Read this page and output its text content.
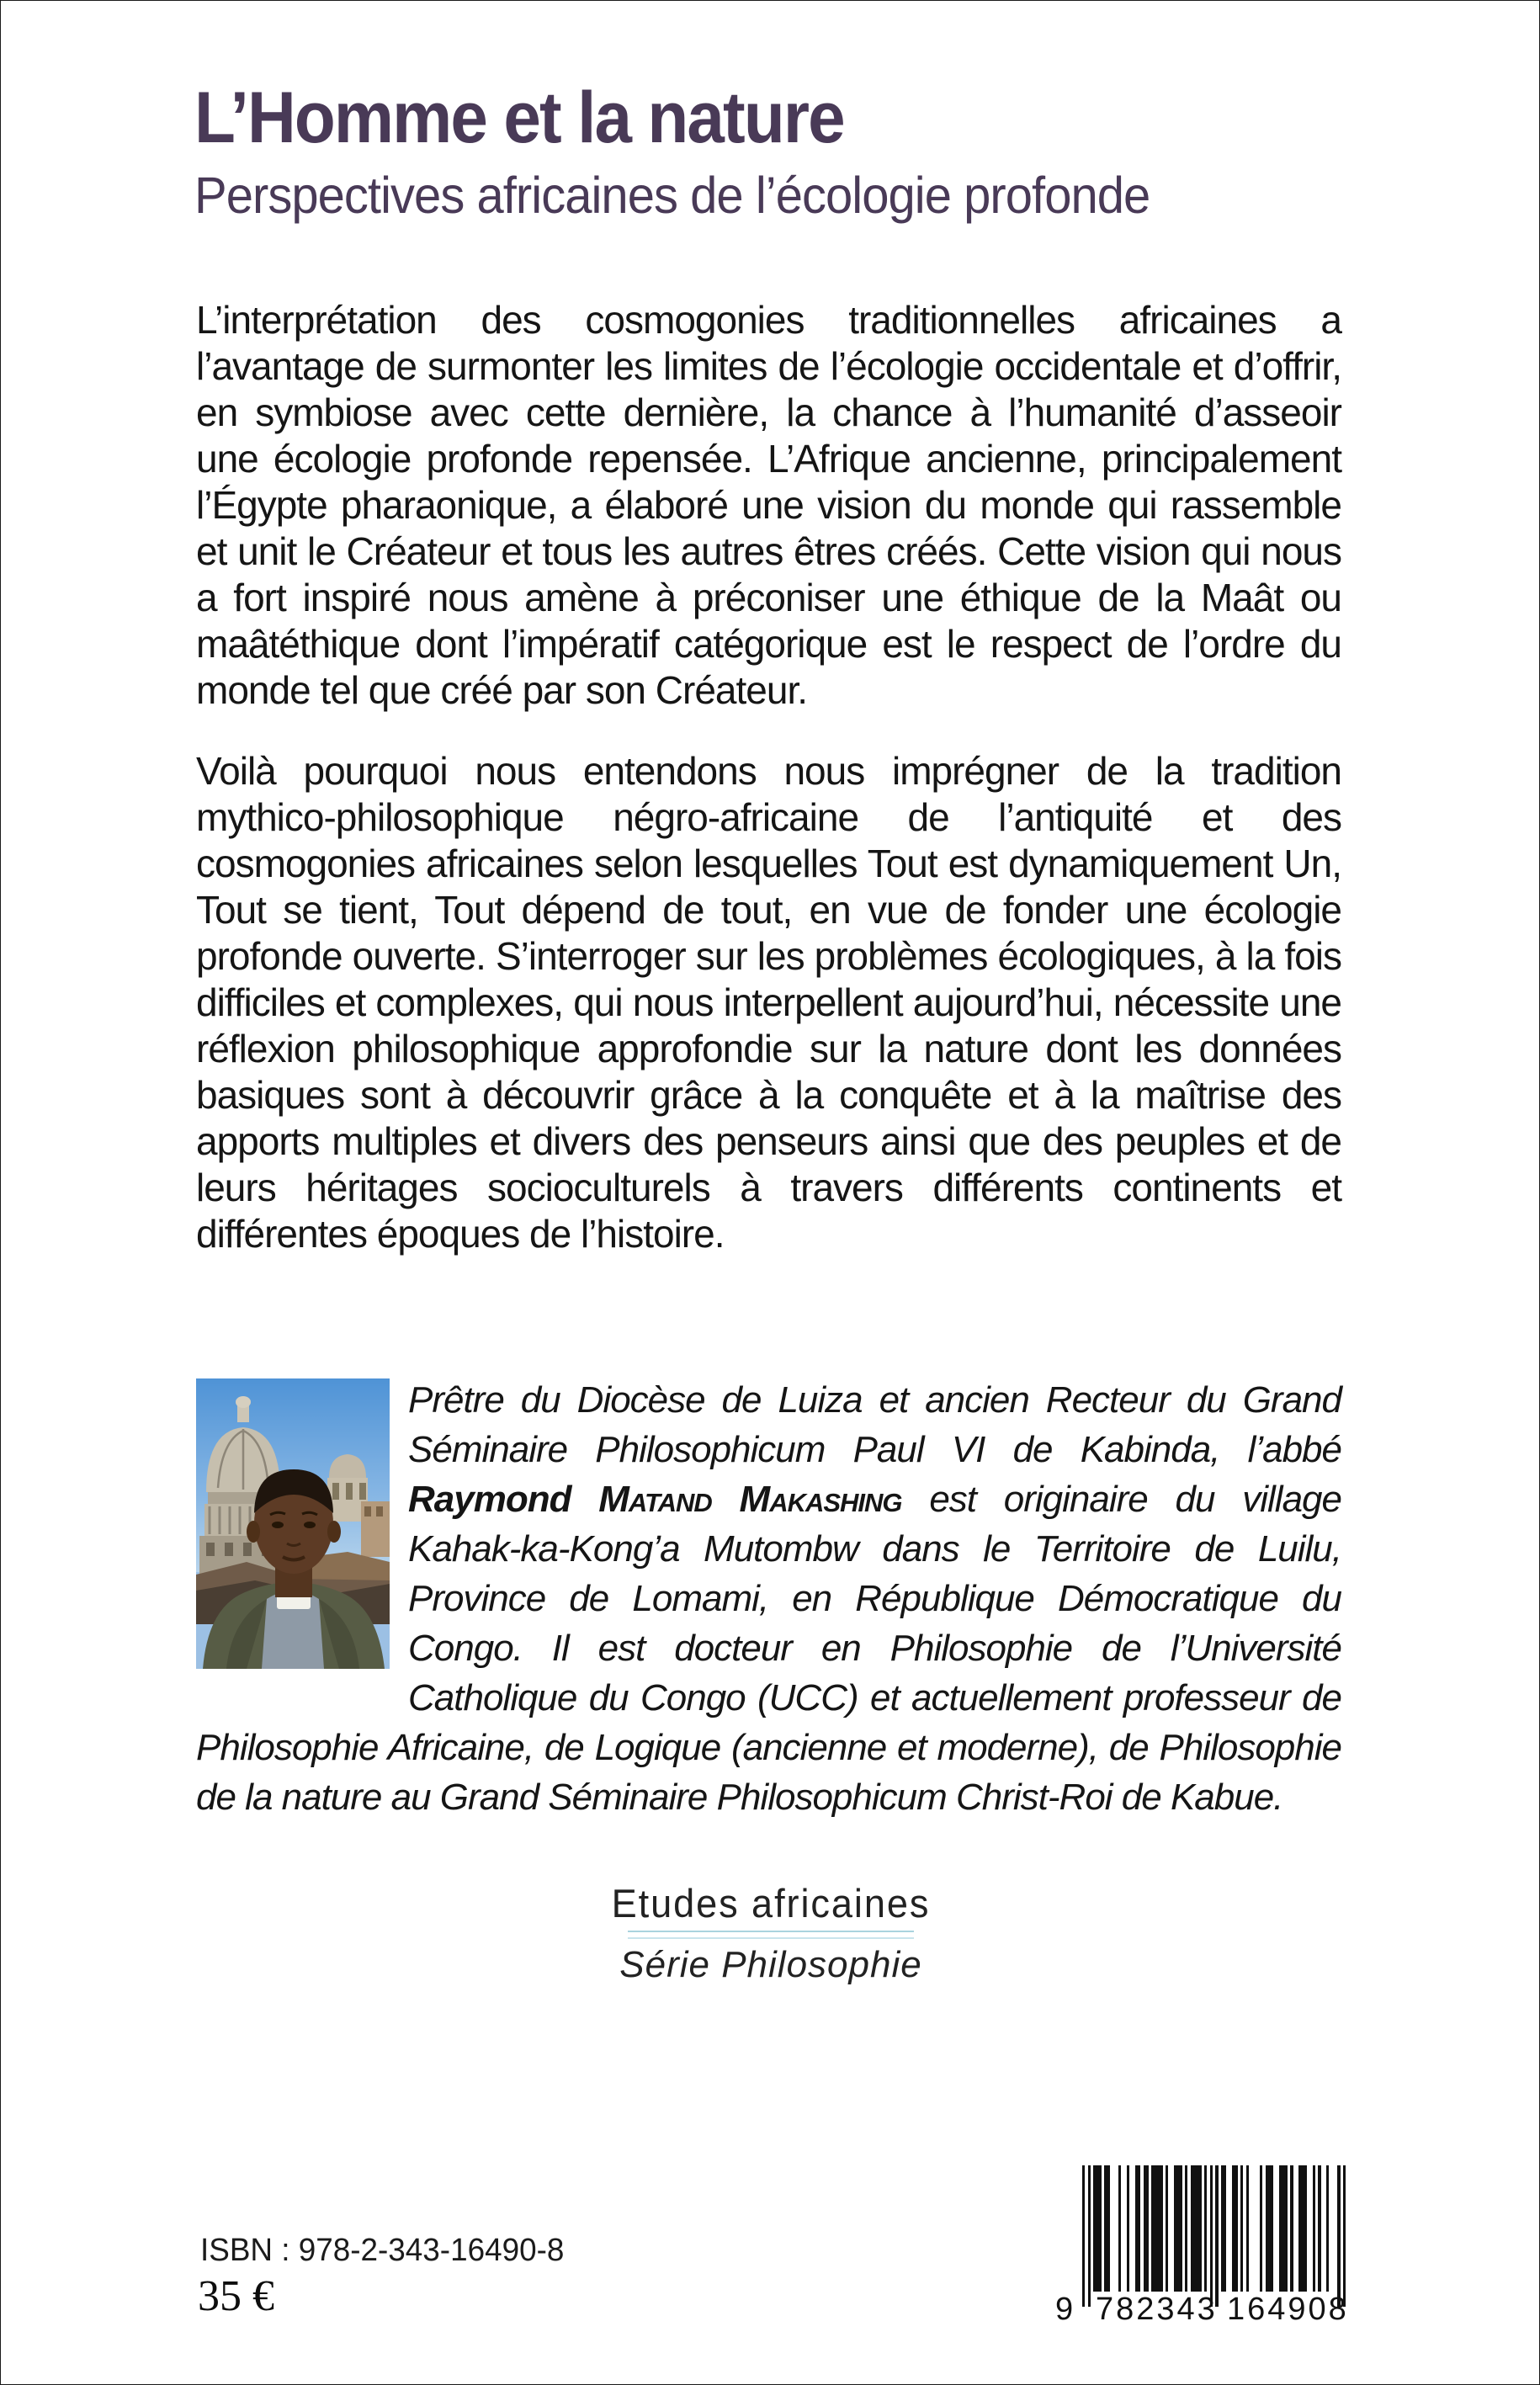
L’Homme et la nature
Perspectives africaines de l’écologie profonde
L’interprétation des cosmogonies traditionnelles africaines a l’avantage de surmonter les limites de l’écologie occidentale et d’offrir, en symbiose avec cette dernière, la chance à l’humanité d’asseoir une écologie profonde repensée. L’Afrique ancienne, principalement l’Égypte pharaonique, a élaboré une vision du monde qui rassemble et unit le Créateur et tous les autres êtres créés. Cette vision qui nous a fort inspiré nous amène à préconiser une éthique de la Maât ou maâtéthique dont l’impératif catégorique est le respect de l’ordre du monde tel que créé par son Créateur.
Voilà pourquoi nous entendons nous imprégner de la tradition mythico-philosophique négro-africaine de l’antiquité et des cosmogonies africaines selon lesquelles Tout est dynamiquement Un, Tout se tient, Tout dépend de tout, en vue de fonder une écologie profonde ouverte. S’interroger sur les problèmes écologiques, à la fois difficiles et complexes, qui nous interpellent aujourd’hui, nécessite une réflexion philosophique approfondie sur la nature dont les données basiques sont à découvrir grâce à la conquête et à la maîtrise des apports multiples et divers des penseurs ainsi que des peuples et de leurs héritages socioculturels à travers différents continents et différentes époques de l’histoire.
Prêtre du Diocèse de Luiza et ancien Recteur du Grand Séminaire Philosophicum Paul VI de Kabinda, l’abbé Raymond Matand Makashing est originaire du village Kahak-ka-Kong’a Mutombw dans le Territoire de Luilu, Province de Lomami, en République Démocratique du Congo. Il est docteur en Philosophie de l’Université Catholique du Congo (UCC) et actuellement professeur de Philosophie Africaine, de Logique (ancienne et moderne), de Philosophie de la nature au Grand Séminaire Philosophicum Christ-Roi de Kabue.
Etudes africaines
Série Philosophie
ISBN : 978-2-343-16490-8
35 €	9 782343 164908
